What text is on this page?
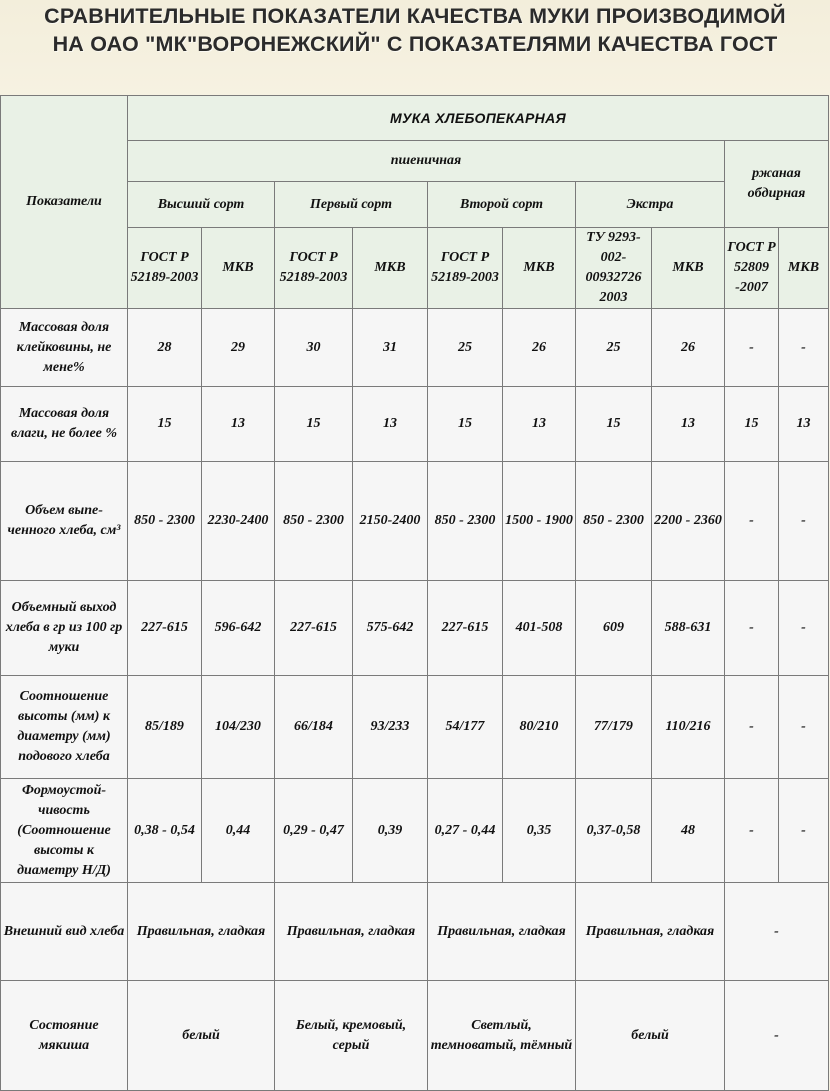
СРАВНИТЕЛЬНЫЕ ПОКАЗАТЕЛИ КАЧЕСТВА МУКИ ПРОИЗВОДИМОЙ
НА ОАО "МК"ВОРОНЕЖСКИЙ" С ПОКАЗАТЕЛЯМИ КАЧЕСТВА ГОСТ
Показатели	МУКА ХЛЕБОПЕКАРНАЯ									
	пшеничная								ржаная обдирная	
	Высший сорт		Первый сорт		Второй сорт		Экстра			
	ГОСТ Р 52189-2003	МКВ	ГОСТ Р 52189-2003	МКВ	ГОСТ Р 52189-2003	МКВ	ТУ 9293- 002-00932726 2003	МКВ	ГОСТ Р 52809 -2007	МКВ
Массовая доля клейковины, не мене%	28	29	30	31	25	26	25	26	-	-
Массовая доля влаги, не более %	15	13	15	13	15	13	15	13	15	13
Объем выпе-ченного хлеба, см³	850 - 2300	2230-2400	850 - 2300	2150-2400	850 - 2300	1500 - 1900	850 - 2300	2200 - 2360	-	-
Объемный выход хлеба в гр из 100 гр муки	227-615	596-642	227-615	575-642	227-615	401-508	609	588-631	-	-
Соотношение высоты (мм) к диаметру (мм) подового хлеба	85/189	104/230	66/184	93/233	54/177	80/210	77/179	110/216	-	-
Формоустой-чивость (Соотношение высоты к диаметру Н/Д)	0,38 - 0,54	0,44	0,29 - 0,47	0,39	0,27 - 0,44	0,35	0,37-0,58	48	-	-
Внешний вид хлеба	Правильная, гладкая		Правильная, гладкая		Правильная, гладкая		Правильная, гладкая		-	
Состояние мякиша	белый		Белый, кремовый, серый		Светлый, темноватый, тёмный		белый		-	
